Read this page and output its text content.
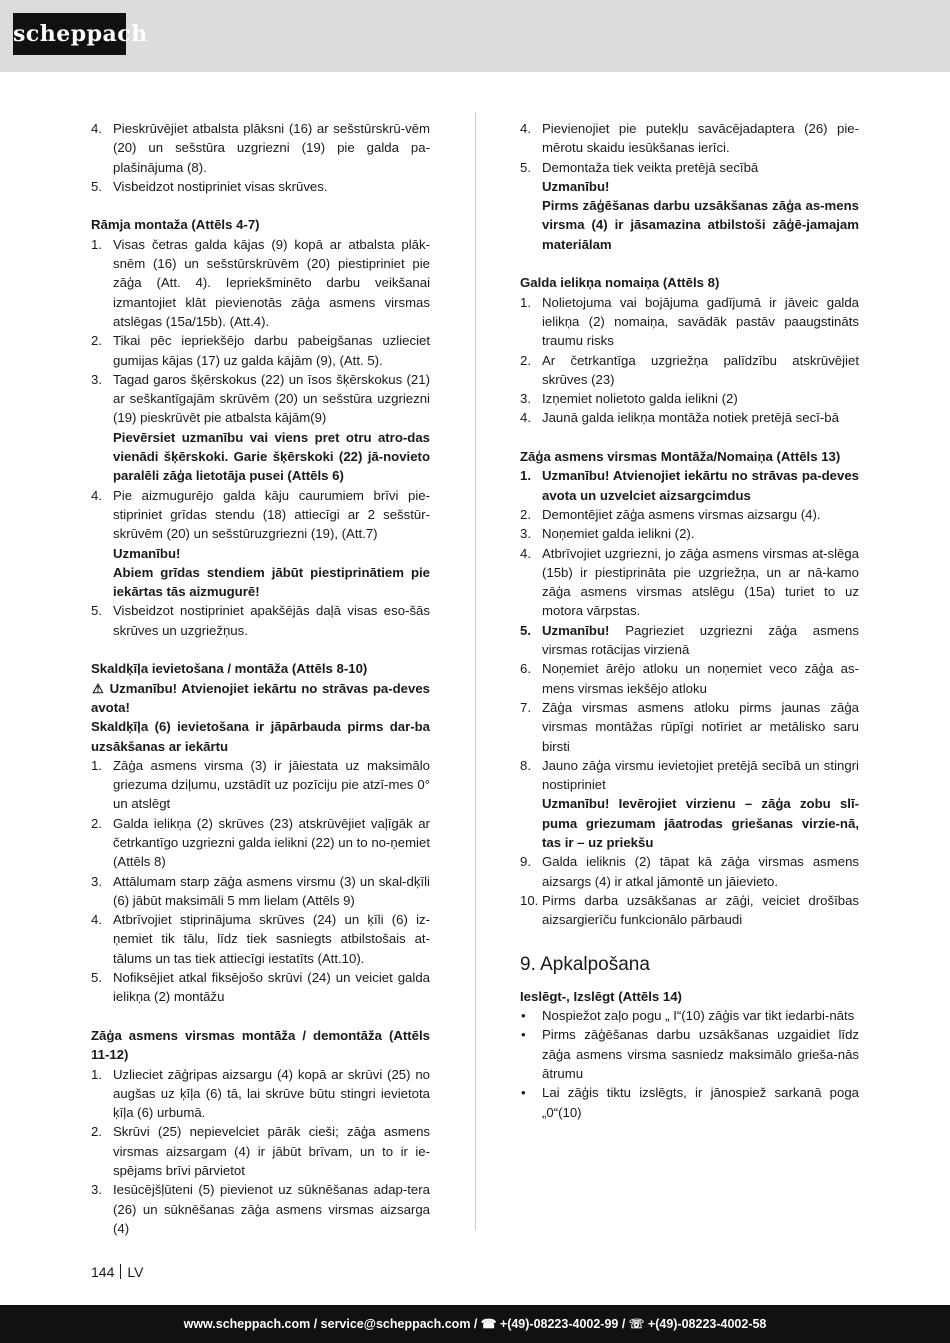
scheppach
4. Pieskrūvējiet atbalsta plāksni (16) ar sešstūrskrū-vēm (20) un sešstūra uzgriezni (19) pie galda pa-plašinājuma (8).
5. Visbeidzot nostipriniet visas skrūves.
Rāmja montaža (Attēls 4-7)
1. Visas četras galda kājas (9) kopā ar atbalsta plāk-snēm (16) un sešstūrskrūvēm (20) piestipriniet pie zāģa (Att. 4). Iepriekšminēto darbu veikšanai izmantojiet klāt pievienotās zāģa asmens virsmas atslēgas (15a/15b). (Att.4).
2. Tikai pēc iepriekšējo darbu pabeigšanas uzlieciet gumijas kājas (17) uz galda kājām (9), (Att. 5).
3. Tagad garos šķērskokus (22) un īsos šķērskokus (21) ar seškantīgajām skrūvēm (20) un sešstūra uzgriezni (19) pieskrūvēt pie atbalsta kājām(9)
Pievērsiet uzmanību vai viens pret otru atro-das vienādi šķērskoki. Garie šķērskoki (22) jā-novieto paralēli zāģa lietotāja pusei (Attēls 6)
4. Pie aizmugurējo galda kāju caurumiem brīvi pie-stipriniet grīdas stendu (18) attiecīgi ar 2 sešstūr-skrūvēm (20) un sešstūruzgriezni (19), (Att.7)
Uzmanību!
Abiem grīdas stendiem jābūt piestiprinātiem pie iekārtas tās aizmugurē!
5. Visbeidzot nostipriniet apakšējās daļā visas eso-šās skrūves un uzgriežņus.
Skaldķīļa ievietošana / montāža (Attēls 8-10)
⚠ Uzmanību! Atvienojiet iekārtu no strāvas pa-deves avota!
Skaldķīļa (6) ievietošana ir jāpārbauda pirms dar-ba uzsākšanas ar iekārtu
1. Zāģa asmens virsma (3) ir jāiestata uz maksimālo griezuma dziļumu, uzstādīt uz pozīciju pie atzī-mes 0° un atslēgt
2. Galda ielikņa (2) skrūves (23) atskrūvējiet vaļīgāk ar četrkantīgo uzgriezni galda ielikni (22) un to no-ņemiet (Attēls 8)
3. Attālumam starp zāģa asmens virsmu (3) un skal-dķīli (6) jābūt maksimāli 5 mm lielam (Attēls 9)
4. Atbrīvojiet stiprinājuma skrūves (24) un ķīli (6) iz-ņemiet tik tālu, līdz tiek sasniegts atbilstošais at-tālums un tas tiek attiecīgi iestatīts (Att.10).
5. Nofiksējiet atkal fiksējošo skrūvi (24) un veiciet galda ielikņa (2) montāžu
Zāģa asmens virsmas montāža / demontāža (Attēls 11-12)
1. Uzlieciet zāģripas aizsargu (4) kopā ar skrūvi (25) no augšas uz ķīļa (6) tā, lai skrūve būtu stingri ievietota ķīļa (6) urbumā.
2. Skrūvi (25) nepievelciet pārāk cieši; zāģa asmens virsmas aizsargam (4) ir jābūt brīvam, un to ir ie-spējams brīvi pārvietot
3. Iesūcējšļūteni (5) pievienot uz sūknēšanas adap-tera (26) un sūknēšanas zāģa asmens virsmas aizsarga (4)
4. Pievienojiet pie putekļu savācējadaptera (26) pie-mērotu skaidu iesūkšanas ierīci.
5. Demontaža tiek veikta pretējā secībā
Uzmanību!
Pirms zāģēšanas darbu uzsākšanas zāģa as-mens virsma (4) ir jāsamazina atbilstoši zāģē-jamajam materiālam
Galda ielikņa nomaiņa (Attēls 8)
1. Nolietojuma vai bojājuma gadījumā ir jāveic galda ielikņa (2) nomaiņa, savādāk pastāv paaugstināts traumu risks
2. Ar četrkantīga uzgriežņa palīdzību atskrūvējiet skrūves (23)
3. Izņemiet nolietoto galda ielikni (2)
4. Jaunā galda ielikņa montāža notiek pretējā secī-bā
Zāģa asmens virsmas Montāža/Nomaiņa (Attēls 13)
1. Uzmanību! Atvienojiet iekārtu no strāvas pa-deves avota un uzvelciet aizsargcimdus
2. Demontējiet zāģa asmens virsmas aizsargu (4).
3. Noņemiet galda ielikni (2).
4. Atbrīvojiet uzgriezni, jo zāģa asmens virsmas at-slēga (15b) ir piestiprināta pie uzgriežņa, un ar nā-kamo zāģa asmens virsmas atslēgu (15a) turiet to uz motora vārpstas.
5. Uzmanību! Pagrieziet uzgriezni zāģa asmens virsmas rotācijas virzienā
6. Noņemiet ārējo atloku un noņemiet veco zāģa as-mens virsmas iekšējo atloku
7. Zāģa virsmas asmens atloku pirms jaunas zāģa virsmas montāžas rūpīgi notīriet ar metālisko saru birsti
8. Jauno zāģa virsmu ievietojiet pretējā secībā un stingri nostipriniet
Uzmanību! Ievērojiet virzienu – zāģa zobu slī-puma griezumam jāatrodas griešanas virzie-nā, tas ir – uz priekšu
9. Galda ieliknis (2) tāpat kā zāģa virsmas asmens aizsargs (4) ir atkal jāmontē un jāievieto.
10. Pirms darba uzsākšanas ar zāģi, veiciet drošības aizsargierīču funkcionālo pārbaudi
9. Apkalpošana
Ieslēgt-, Izslēgt (Attēls 14)
• Nospiežot zaļo pogu „ I“(10) zāģis var tikt iedarbi-nāts
• Pirms zāģēšanas darbu uzsākšanas uzgaidiet līdz zāģa asmens virsma sasniedz maksimālo grieša-nās ātrumu
• Lai zāģis tiktu izslēgts, ir jānospiež sarkanā poga „0“(10)
144 LV
www.scheppach.com / service@scheppach.com / ☎ +(49)-08223-4002-99 / ☏ +(49)-08223-4002-58
